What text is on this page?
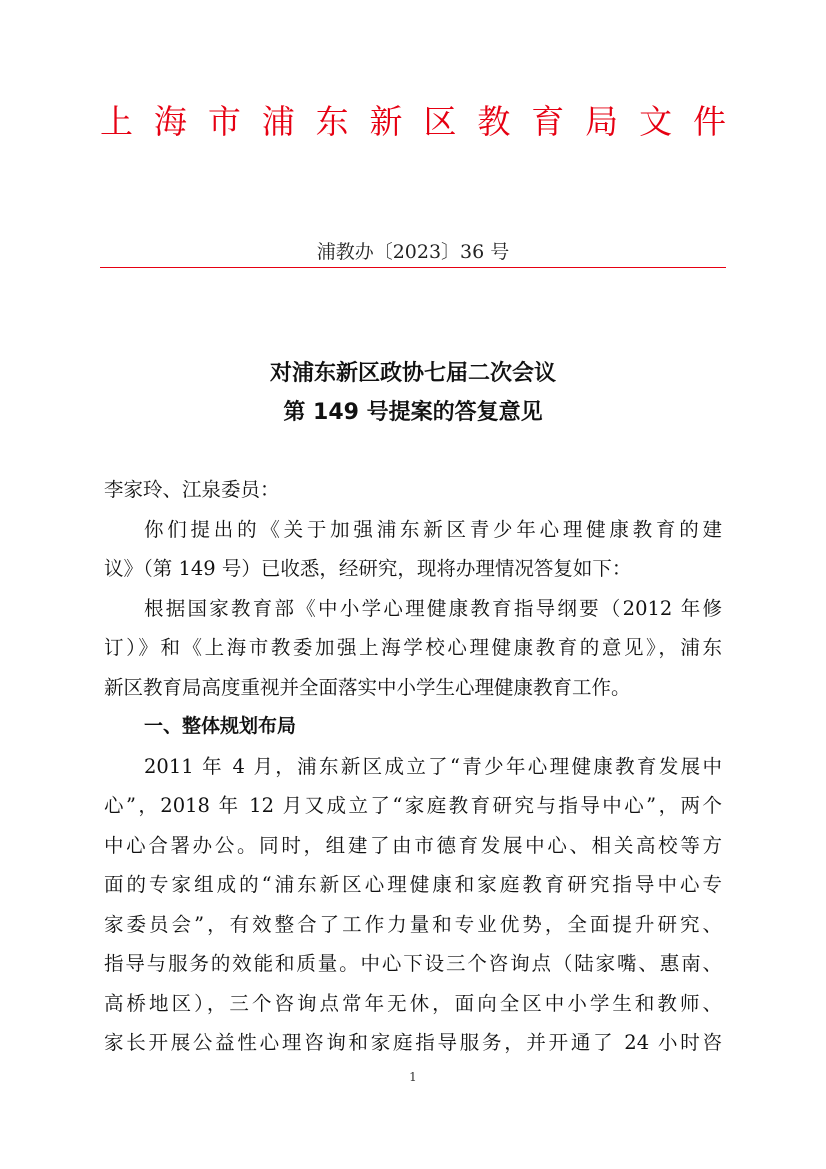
上海市浦东新区教育局文件
浦教办〔2023〕36 号
对浦东新区政协七届二次会议
第 149 号提案的答复意见
李家玲、江泉委员：
你们提出的《关于加强浦东新区青少年心理健康教育的建
议》（第 149 号）已收悉，经研究，现将办理情况答复如下：
根据国家教育部《中小学心理健康教育指导纲要（2012 年修
订）》和《上海市教委加强上海学校心理健康教育的意见》，浦东
新区教育局高度重视并全面落实中小学生心理健康教育工作。
一、整体规划布局
2011 年 4 月，浦东新区成立了“青少年心理健康教育发展中
心”，2018 年 12 月又成立了“家庭教育研究与指导中心”，两个
中心合署办公。同时，组建了由市德育发展中心、相关高校等方
面的专家组成的“浦东新区心理健康和家庭教育研究指导中心专
家委员会”，有效整合了工作力量和专业优势，全面提升研究、
指导与服务的效能和质量。中心下设三个咨询点（陆家嘴、惠南、
高桥地区），三个咨询点常年无休，面向全区中小学生和教师、
家长开展公益性心理咨询和家庭指导服务，并开通了 24 小时咨
1
